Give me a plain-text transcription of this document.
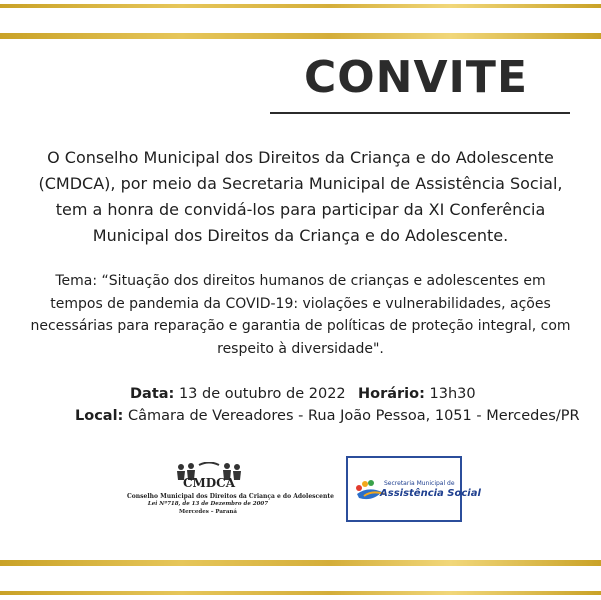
CONVITE

O Conselho Municipal dos Direitos da Criança e do Adolescente (CMDCA), por meio da Secretaria Municipal de Assistência Social, tem a honra de convidá-los para participar da XI Conferência Municipal dos Direitos da Criança e do Adolescente.

Tema: “Situação dos direitos humanos de crianças e adolescentes em tempos de pandemia da COVID-19: violações e vulnerabilidades, ações necessárias para reparação e garantia de políticas de proteção integral, com respeito à diversidade".

Data: 13 de outubro de 2022 Horário: 13h30
Local: Câmara de Vereadores - Rua João Pessoa, 1051 - Mercedes/PR
CMDCA
Conselho Municipal dos Direitos da Criança e do Adolescente
Lei Nº718, de 13 de Dezembro de 2007
Mercedes – Paraná
Secretaria Municipal de
Assistência Social
